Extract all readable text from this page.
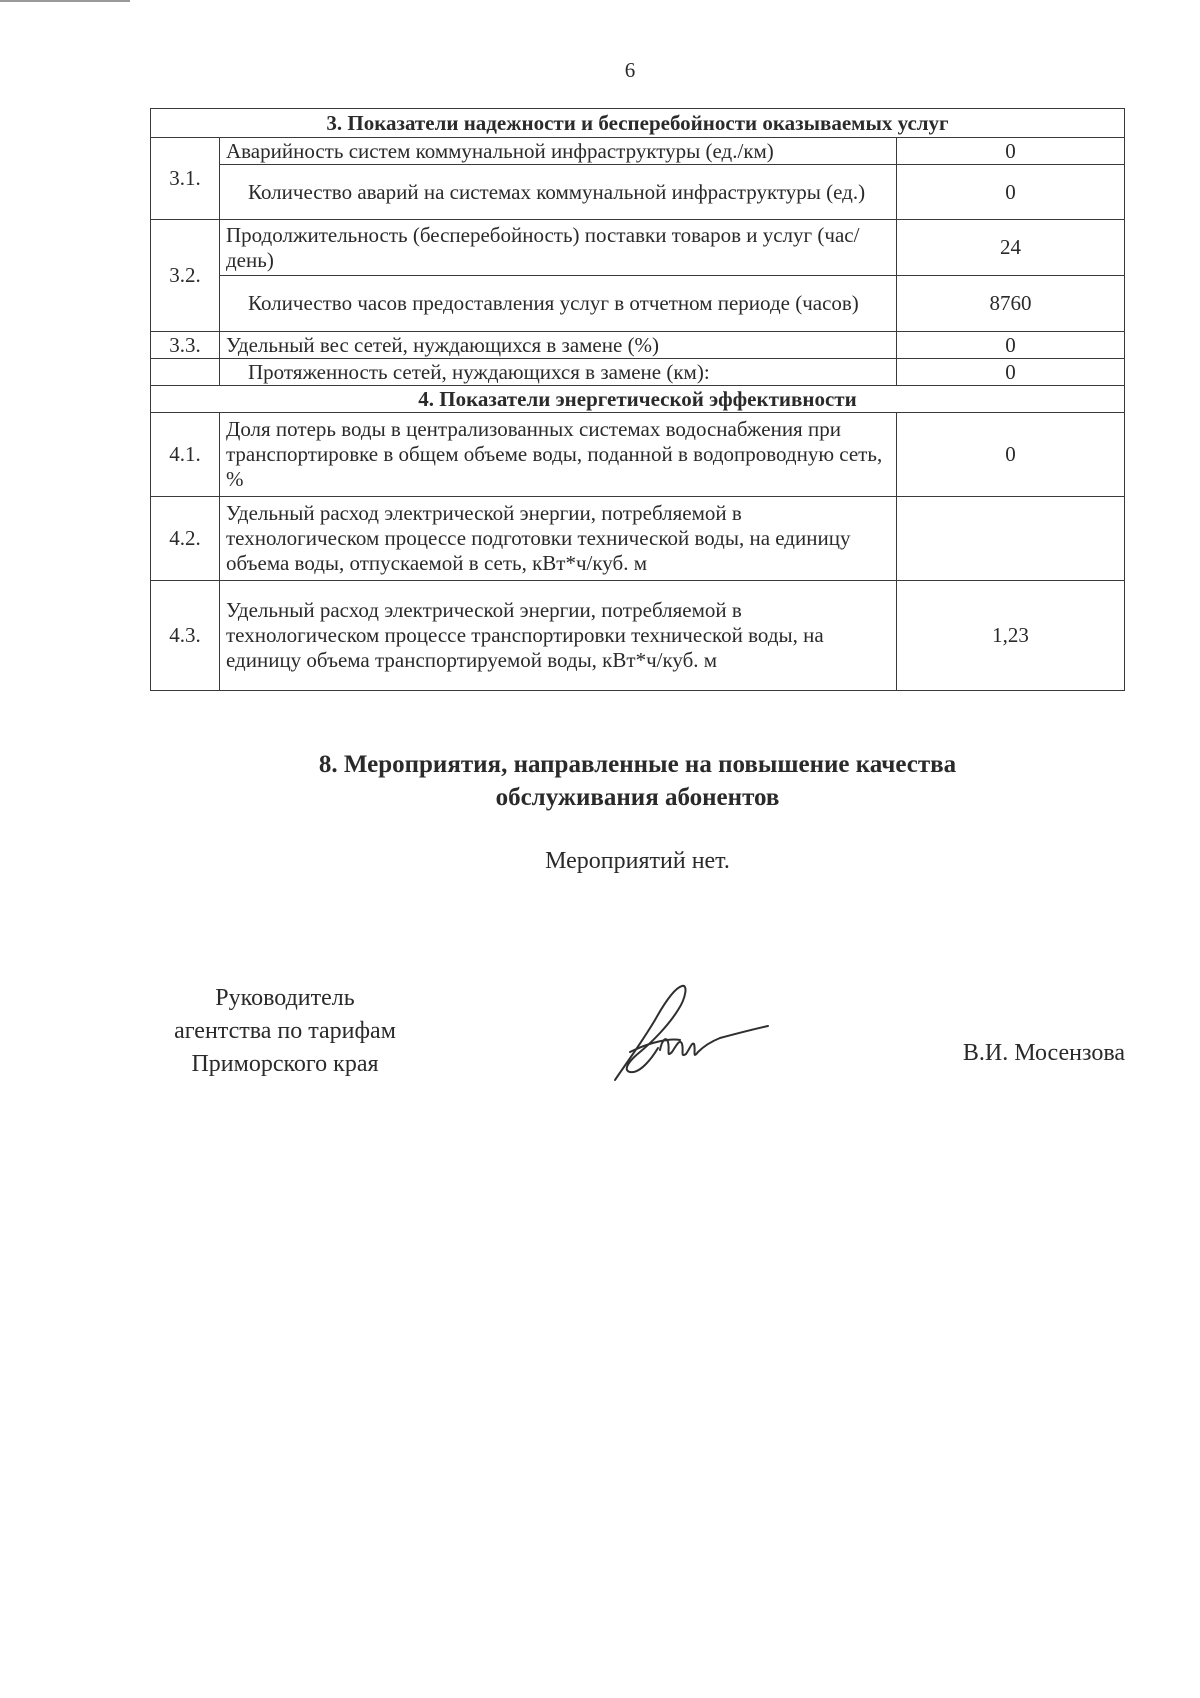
6
3. Показатели надежности и бесперебойности оказываемых услуг		
3.1.	Аварийность систем коммунальной инфраструктуры (ед./км)	0
	Количество аварий на системах коммунальной инфраструктуры (ед.)	0
3.2.	Продолжительность (бесперебойность) поставки товаров и услуг (час/день)	24
	Количество часов предоставления услуг в отчетном периоде (часов)	8760
3.3.	Удельный вес сетей, нуждающихся в замене (%)	0
	Протяженность сетей, нуждающихся в замене (км):	0
4. Показатели энергетической эффективности		
4.1.	Доля потерь воды в централизованных системах водоснабжения при транспортировке в общем объеме воды, поданной в водопроводную сеть, %	0
4.2.	Удельный расход электрической энергии, потребляемой в технологическом процессе подготовки технической воды, на единицу объема воды, отпускаемой в сеть, кВт*ч/куб. м	
4.3.	Удельный расход электрической энергии, потребляемой в технологическом процессе транспортировки технической воды, на единицу объема транспортируемой воды, кВт*ч/куб. м	1,23
8. Мероприятия, направленные на повышение качества
обслуживания абонентов
Мероприятий нет.
Руководитель
агентства по тарифам
Приморского края	В.И. Мосензова
